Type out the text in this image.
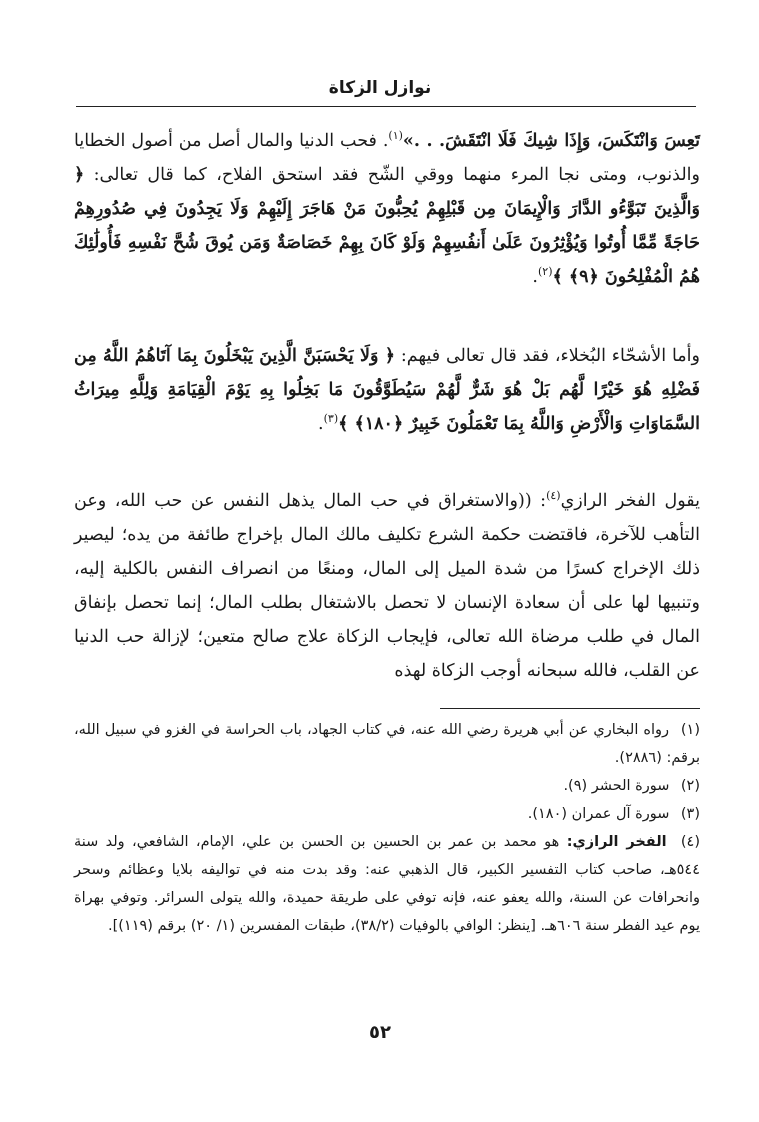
نوازل الزكاة
تَعِسَ وَانْتَكَسَ، وَإِذَا شِيكَ فَلَا انْتَقَشَ. . .»$^{(١)}$. فحب الدنيا والمال أصل من أصول الخطايا والذنوب، ومتى نجا المرء منهما ووقي الشّح فقد استحق الفلاح، كما قال تعالى: ﴿ وَالَّذِينَ تَبَوَّءُو الدَّارَ وَالْإِيمَانَ مِن قَبْلِهِمْ يُحِبُّونَ مَنْ هَاجَرَ إِلَيْهِمْ وَلَا يَجِدُونَ فِي صُدُورِهِمْ حَاجَةً مِّمَّا أُوتُوا وَيُؤْثِرُونَ عَلَىٰ أَنفُسِهِمْ وَلَوْ كَانَ بِهِمْ خَصَاصَةٌ وَمَن يُوقَ شُحَّ نَفْسِهِ فَأُولَٰئِكَ هُمُ الْمُفْلِحُونَ ﴿٩﴾ ﴾$^{(٢)}$.
وأما الأشحّاء البُخلاء، فقد قال تعالى فيهم: ﴿ وَلَا يَحْسَبَنَّ الَّذِينَ يَبْخَلُونَ بِمَا آتَاهُمُ اللَّهُ مِن فَضْلِهِ هُوَ خَيْرًا لَّهُم بَلْ هُوَ شَرٌّ لَّهُمْ سَيُطَوَّقُونَ مَا بَخِلُوا بِهِ يَوْمَ الْقِيَامَةِ وَلِلَّهِ مِيرَاثُ السَّمَاوَاتِ وَالْأَرْضِ وَاللَّهُ بِمَا تَعْمَلُونَ خَبِيرٌ ﴿١٨٠﴾ ﴾$^{(٣)}$.
يقول الفخر الرازي$^{(٤)}$: ((والاستغراق في حب المال يذهل النفس عن حب الله، وعن التأهب للآخرة، فاقتضت حكمة الشرع تكليف مالك المال بإخراج طائفة من يده؛ ليصير ذلك الإخراج كسرًا من شدة الميل إلى المال، ومنعًا من انصراف النفس بالكلية إليه، وتنبيها لها على أن سعادة الإنسان لا تحصل بالاشتغال بطلب المال؛ إنما تحصل بإنفاق المال في طلب مرضاة الله تعالى، فإيجاب الزكاة علاج صالح متعين؛ لإزالة حب الدنيا عن القلب، فالله سبحانه أوجب الزكاة لهذه

(١) رواه البخاري عن أبي هريرة رضي الله عنه، في كتاب الجهاد، باب الحراسة في الغزو في سبيل الله، برقم: (٢٨٨٦).

(٢) سورة الحشر (٩).

(٣) سورة آل عمران (١٨٠).

(٤) الفخر الرازي: هو محمد بن عمر بن الحسين بن الحسن بن علي، الإمام، الشافعي، ولد سنة ٥٤٤هـ، صاحب كتاب التفسير الكبير، قال الذهبي عنه: وقد بدت منه في تواليفه بلايا وعظائم وسحر وانحرافات عن السنة، والله يعفو عنه، فإنه توفي على طريقة حميدة، والله يتولى السرائر. وتوفي بهراة يوم عيد الفطر سنة ٦٠٦هـ. [ينظر: الوافي بالوفيات (٣٨/٢)، طبقات المفسرين (١/ ٢٠) برقم (١١٩)].

٥٢
